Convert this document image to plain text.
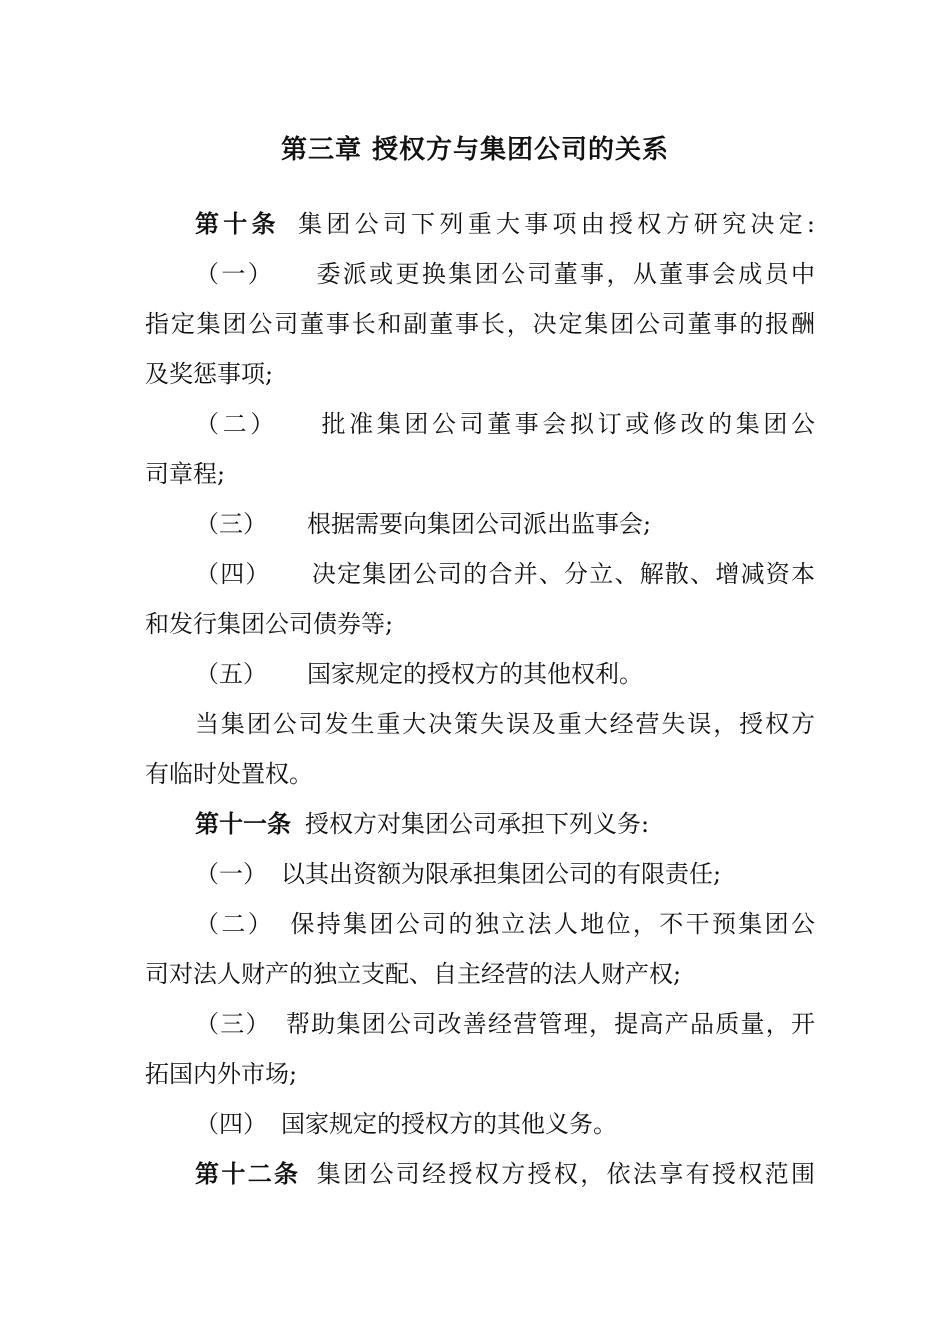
第三章 授权方与集团公司的关系

第十条 集团公司下列重大事项由授权方研究决定:

（一） 委派或更换集团公司董事，从董事会成员中

指定集团公司董事长和副董事长，决定集团公司董事的报酬

及奖惩事项;

（二） 批准集团公司董事会拟订或修改的集团公

司章程;

（三） 根据需要向集团公司派出监事会;

（四） 决定集团公司的合并、分立、解散、增减资本

和发行集团公司债券等;

（五） 国家规定的授权方的其他权利。

当集团公司发生重大决策失误及重大经营失误，授权方

有临时处置权。

第十一条 授权方对集团公司承担下列义务:

（一） 以其出资额为限承担集团公司的有限责任;

（二） 保持集团公司的独立法人地位，不干预集团公

司对法人财产的独立支配、自主经营的法人财产权;

（三） 帮助集团公司改善经营管理，提高产品质量，开

拓国内外市场;

（四） 国家规定的授权方的其他义务。

第十二条 集团公司经授权方授权，依法享有授权范围
